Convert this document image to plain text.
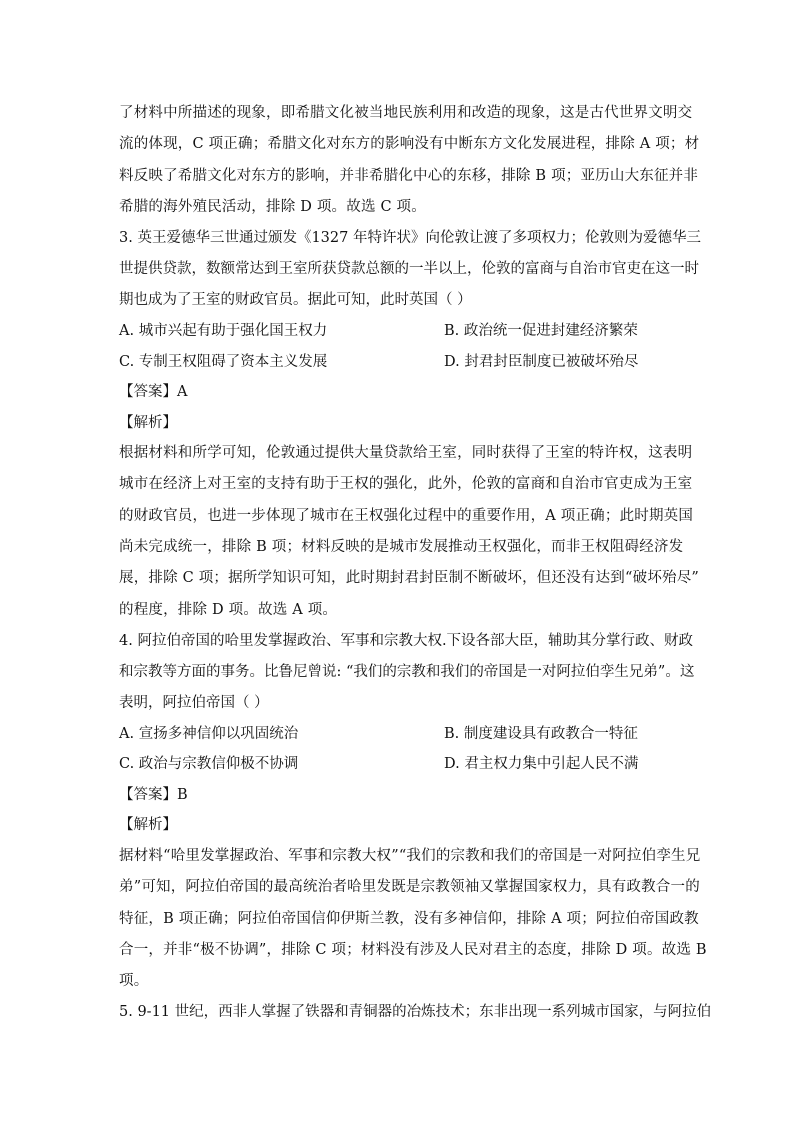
了材料中所描述的现象，即希腊文化被当地民族利用和改造的现象，这是古代世界文明交
流的体现，C 项正确；希腊文化对东方的影响没有中断东方文化发展进程，排除 A 项；材
料反映了希腊文化对东方的影响，并非希腊化中心的东移，排除 B 项；亚历山大东征并非
希腊的海外殖民活动，排除 D 项。故选 C 项。
3. 英王爱德华三世通过颁发《1327 年特许状》向伦敦让渡了多项权力；伦敦则为爱德华三
世提供贷款，数额常达到王室所获贷款总额的一半以上，伦敦的富商与自治市官吏在这一时
期也成为了王室的财政官员。据此可知，此时英国（ ）
A. 城市兴起有助于强化国王权力	B. 政治统一促进封建经济繁荣
C. 专制王权阻碍了资本主义发展	D. 封君封臣制度已被破坏殆尽

【答案】A

【解析】

根据材料和所学可知，伦敦通过提供大量贷款给王室，同时获得了王室的特许权，这表明
城市在经济上对王室的支持有助于王权的强化，此外，伦敦的富商和自治市官吏成为王室
的财政官员，也进一步体现了城市在王权强化过程中的重要作用，A 项正确；此时期英国
尚未完成统一，排除 B 项；材料反映的是城市发展推动王权强化，而非王权阻碍经济发
展，排除 C 项；据所学知识可知，此时期封君封臣制不断破坏，但还没有达到“破坏殆尽”
的程度，排除 D 项。故选 A 项。
4. 阿拉伯帝国的哈里发掌握政治、军事和宗教大权.下设各部大臣，辅助其分掌行政、财政
和宗教等方面的事务。比鲁尼曾说: “我们的宗教和我们的帝国是一对阿拉伯孪生兄弟”。这
表明，阿拉伯帝国（ ）
A. 宣扬多神信仰以巩固统治	B. 制度建设具有政教合一特征
C. 政治与宗教信仰极不协调	D. 君主权力集中引起人民不满

【答案】B

【解析】

据材料“哈里发掌握政治、军事和宗教大权”“我们的宗教和我们的帝国是一对阿拉伯孪生兄
弟”可知，阿拉伯帝国的最高统治者哈里发既是宗教领袖又掌握国家权力，具有政教合一的
特征，B 项正确；阿拉伯帝国信仰伊斯兰教，没有多神信仰，排除 A 项；阿拉伯帝国政教
合一，并非“极不协调”，排除 C 项；材料没有涉及人民对君主的态度，排除 D 项。故选 B
项。
5. 9-11 世纪，西非人掌握了铁器和青铜器的冶炼技术；东非出现一系列城市国家，与阿拉伯
